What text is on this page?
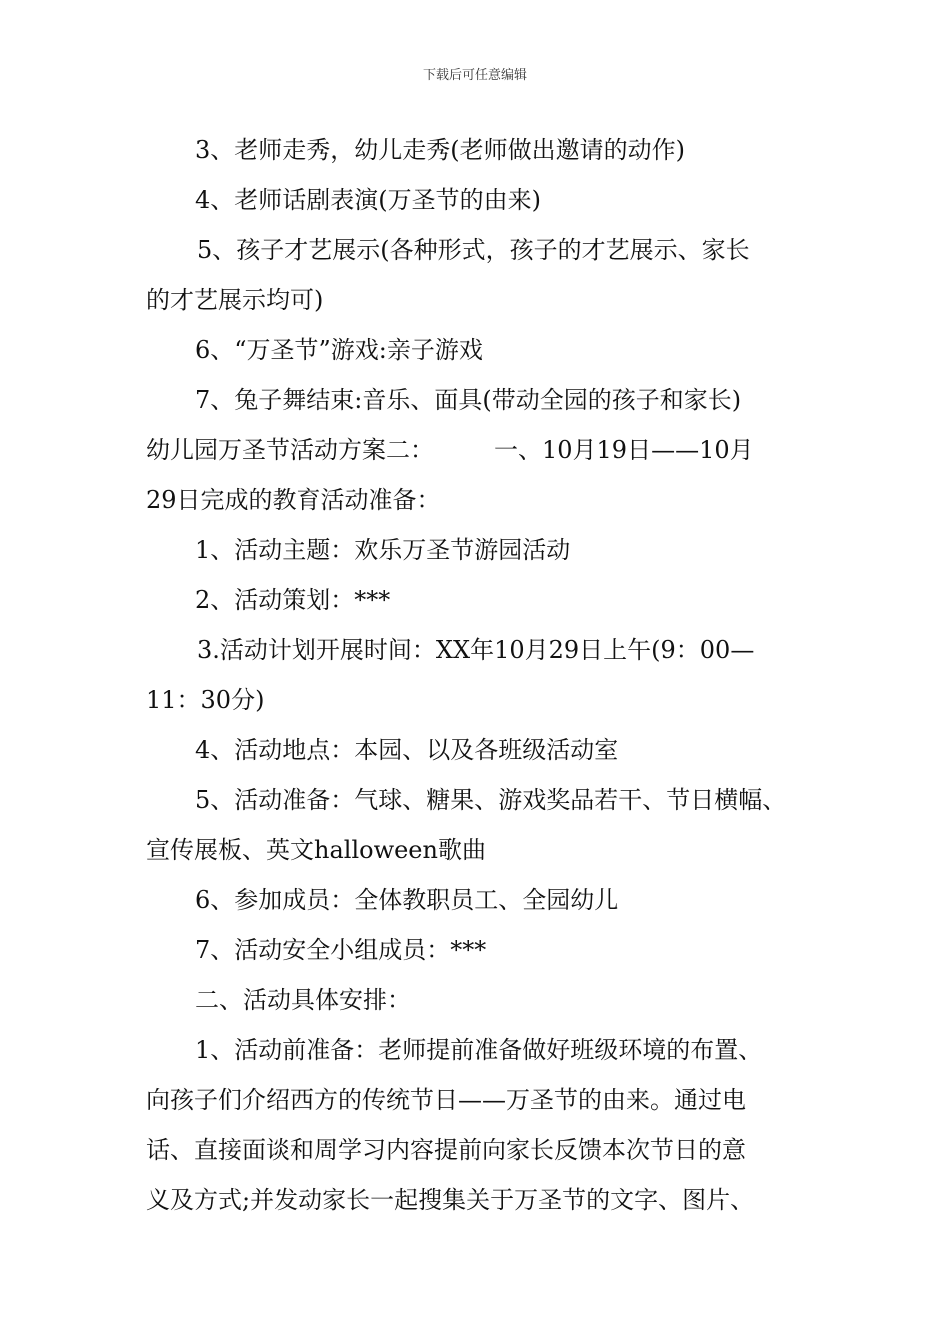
下载后可任意编辑
3、老师走秀，幼儿走秀(老师做出邀请的动作)
4、老师话剧表演(万圣节的由来)
5、孩子才艺展示(各种形式，孩子的才艺展示、家长
的才艺展示均可)
6、“万圣节”游戏:亲子游戏
7、兔子舞结束:音乐、面具(带动全园的孩子和家长)
幼儿园万圣节活动方案二：　　　一、10月19日——10月
29日完成的教育活动准备：
1、活动主题：欢乐万圣节游园活动
2、活动策划：***
3.活动计划开展时间：XX年10月29日上午(9：00—
11：30分)
4、活动地点：本园、以及各班级活动室
5、活动准备：气球、糖果、游戏奖品若干、节日横幅、
宣传展板、英文halloween歌曲
6、参加成员：全体教职员工、全园幼儿
7、活动安全小组成员：***
二、活动具体安排：
1、活动前准备：老师提前准备做好班级环境的布置、
向孩子们介绍西方的传统节日——万圣节的由来。通过电
话、直接面谈和周学习内容提前向家长反馈本次节日的意
义及方式;并发动家长一起搜集关于万圣节的文字、图片、
